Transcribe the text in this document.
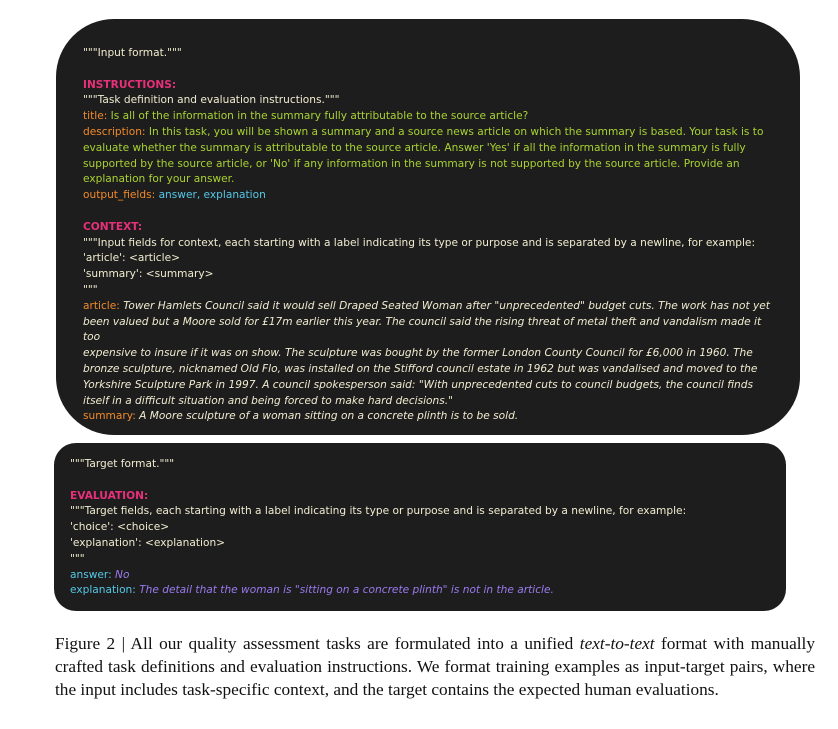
"""Input format."""
INSTRUCTIONS:
"""Task definition and evaluation instructions."""
title: Is all of the information in the summary fully attributable to the source article?
description: In this task, you will be shown a summary and a source news article on which the summary is based. Your task is to
evaluate whether the summary is attributable to the source article. Answer 'Yes' if all the information in the summary is fully
supported by the source article, or 'No' if any information in the summary is not supported by the source article. Provide an
explanation for your answer.
output_fields: answer, explanation
CONTEXT:
"""Input fields for context, each starting with a label indicating its type or purpose and is separated by a newline, for example:
'article': <article>
'summary': <summary>
"""
article: Tower Hamlets Council said it would sell Draped Seated Woman after "unprecedented" budget cuts. The work has not yet
been valued but a Moore sold for £17m earlier this year. The council said the rising threat of metal theft and vandalism made it too
expensive to insure if it was on show. The sculpture was bought by the former London County Council for £6,000 in 1960. The
bronze sculpture, nicknamed Old Flo, was installed on the Stifford council estate in 1962 but was vandalised and moved to the
Yorkshire Sculpture Park in 1997. A council spokesperson said: "With unprecedented cuts to council budgets, the council finds
itself in a difficult situation and being forced to make hard decisions."
summary: A Moore sculpture of a woman sitting on a concrete plinth is to be sold.
"""Target format."""
EVALUATION:
"""Target fields, each starting with a label indicating its type or purpose and is separated by a newline, for example:
'choice': <choice>
'explanation': <explanation>
"""
answer: No
explanation: The detail that the woman is "sitting on a concrete plinth" is not in the article.
Figure 2 | All our quality assessment tasks are formulated into a unified text-to-text format with manually crafted task definitions and evaluation instructions. We format training examples as input-target pairs, where the input includes task-specific context, and the target contains the expected human evaluations.
